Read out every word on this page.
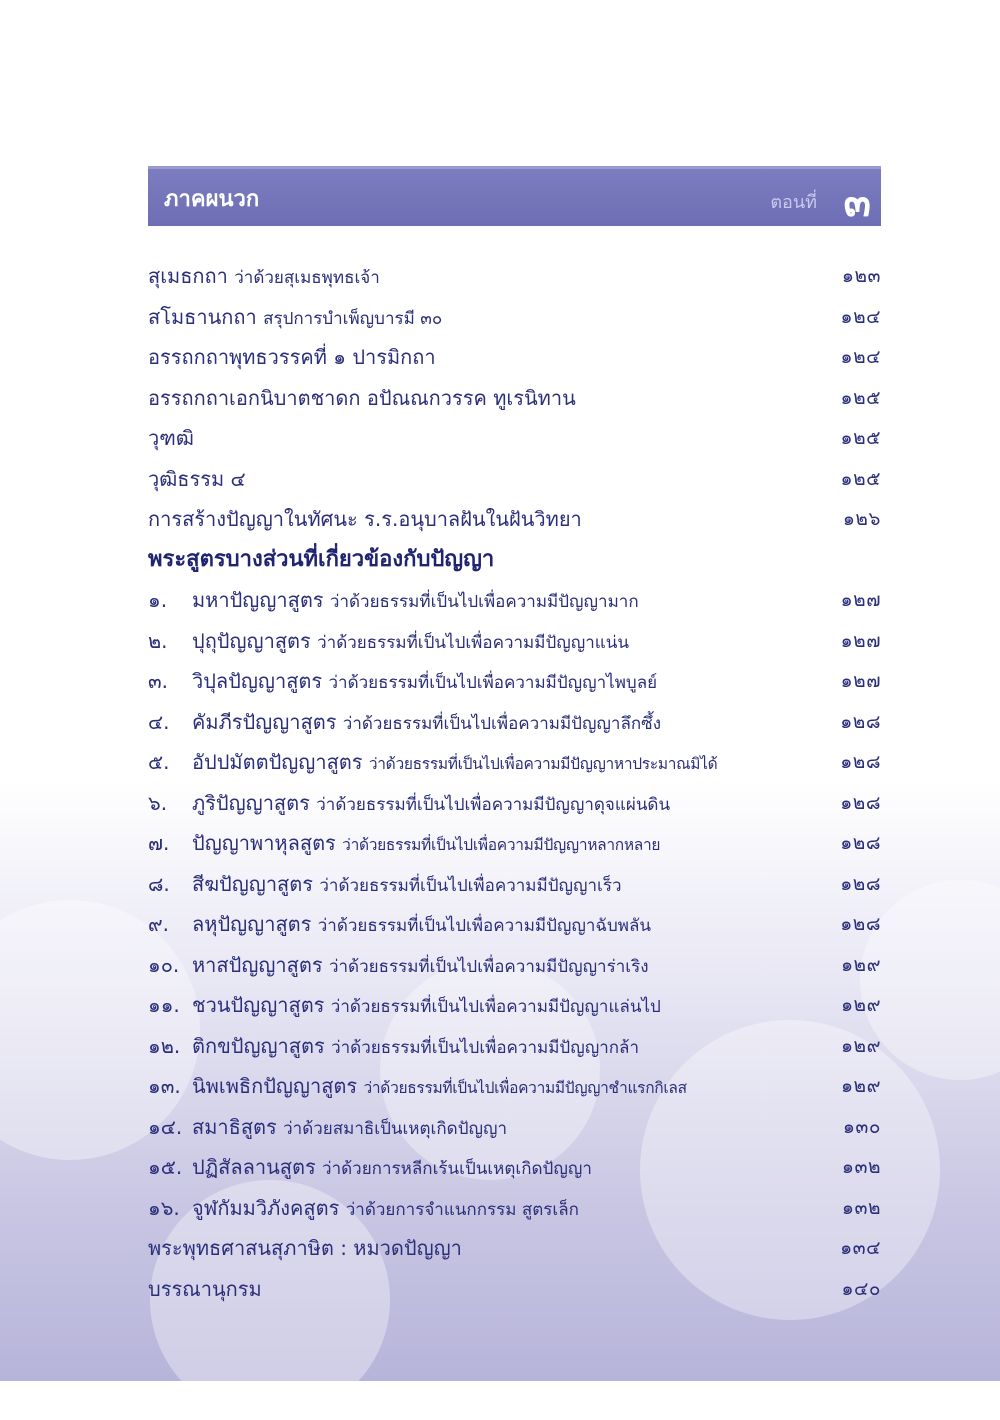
ภาคผนวก	ตอนที่ ๓
สุเมธกถา ว่าด้วยสุเมธพุทธเจ้า	๑๒๓
สโมธานกถา สรุปการบำเพ็ญบารมี ๓๐	๑๒๔
อรรถกถาพุทธวรรคที่ ๑ ปารมิกถา	๑๒๔
อรรถกถาเอกนิบาตชาดก อปัณณกวรรค ทูเรนิทาน	๑๒๕
วุฑฒิ	๑๒๕
วุฒิธรรม ๔	๑๒๕
การสร้างปัญญาในทัศนะ ร.ร.อนุบาลฝันในฝันวิทยา	๑๒๖
พระสูตรบางส่วนที่เกี่ยวข้องกับปัญญา
๑. มหาปัญญาสูตร ว่าด้วยธรรมที่เป็นไปเพื่อความมีปัญญามาก	๑๒๗
๒. ปุถุปัญญาสูตร ว่าด้วยธรรมที่เป็นไปเพื่อความมีปัญญาแน่น	๑๒๗
๓. วิปุลปัญญาสูตร ว่าด้วยธรรมที่เป็นไปเพื่อความมีปัญญาไพบูลย์	๑๒๗
๔. คัมภีรปัญญาสูตร ว่าด้วยธรรมที่เป็นไปเพื่อความมีปัญญาลึกซึ้ง	๑๒๘
๕. อัปปมัตตปัญญาสูตร ว่าด้วยธรรมที่เป็นไปเพื่อความมีปัญญาหาประมาณมิได้	๑๒๘
๖. ภูริปัญญาสูตร ว่าด้วยธรรมที่เป็นไปเพื่อความมีปัญญาดุจแผ่นดิน	๑๒๘
๗. ปัญญาพาหุลสูตร ว่าด้วยธรรมที่เป็นไปเพื่อความมีปัญญาหลากหลาย	๑๒๘
๘. สีฆปัญญาสูตร ว่าด้วยธรรมที่เป็นไปเพื่อความมีปัญญาเร็ว	๑๒๘
๙. ลหุปัญญาสูตร ว่าด้วยธรรมที่เป็นไปเพื่อความมีปัญญาฉับพลัน	๑๒๘
๑๐. หาสปัญญาสูตร ว่าด้วยธรรมที่เป็นไปเพื่อความมีปัญญาร่าเริง	๑๒๙
๑๑. ชวนปัญญาสูตร ว่าด้วยธรรมที่เป็นไปเพื่อความมีปัญญาแล่นไป	๑๒๙
๑๒. ติกขปัญญาสูตร ว่าด้วยธรรมที่เป็นไปเพื่อความมีปัญญากล้า	๑๒๙
๑๓. นิพเพธิกปัญญาสูตร ว่าด้วยธรรมที่เป็นไปเพื่อความมีปัญญาชำแรกกิเลส	๑๒๙
๑๔. สมาธิสูตร ว่าด้วยสมาธิเป็นเหตุเกิดปัญญา	๑๓๐
๑๕. ปฏิสัลลานสูตร ว่าด้วยการหลีกเร้นเป็นเหตุเกิดปัญญา	๑๓๒
๑๖. จูฬกัมมวิภังคสูตร ว่าด้วยการจำแนกกรรม สูตรเล็ก	๑๓๒
พระพุทธศาสนสุภาษิต : หมวดปัญญา	๑๓๔
บรรณานุกรม	๑๔๐
